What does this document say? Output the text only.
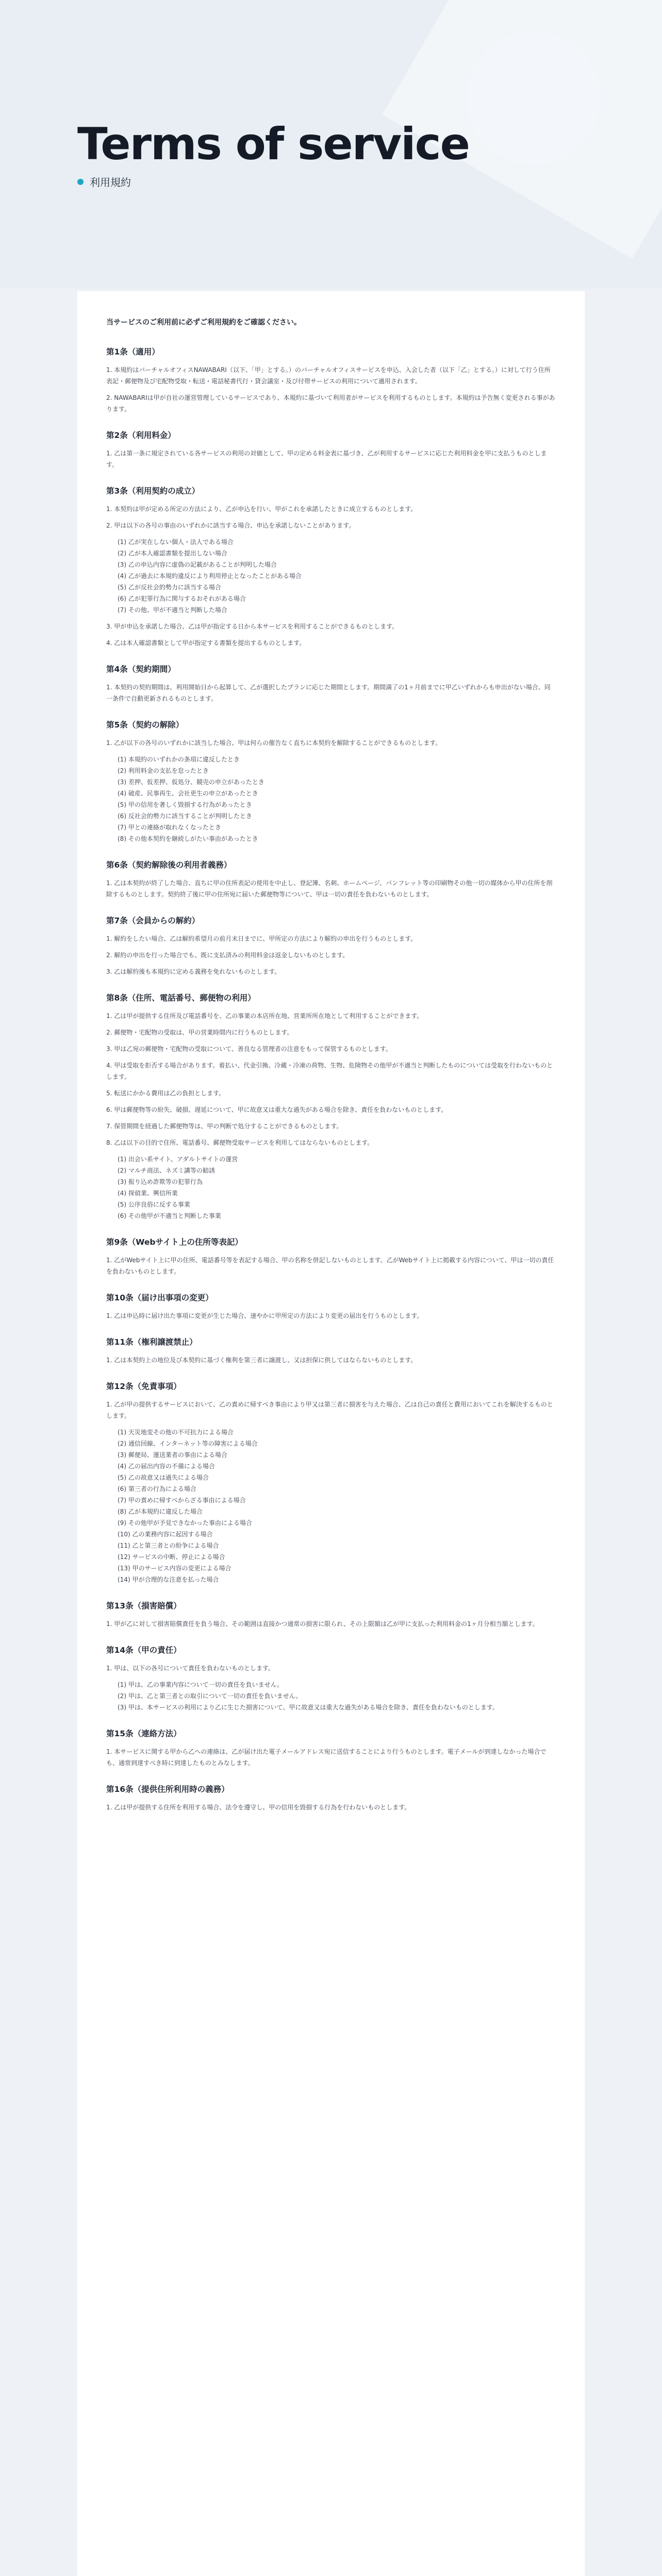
Terms of service
利用規約

当サービスのご利用前に必ずご利用規約をご確認ください。

第1条（適用）

1. 本規約はバーチャルオフィスNAWABARI（以下、「甲」とする。）のバーチャルオフィスサービスを申込、入会した者（以下「乙」とする。）に対して行う住所表記・郵便物及び宅配物受取・転送・電話秘書代行・貸会議室・及び付帯サービスの利用について適用されます。

2. NAWABARIは甲が自社の運営管理しているサービスであり、本規約に基づいて利用者がサービスを利用するものとします。本規約は予告無く変更される事があります。

第2条（利用料金）

1. 乙は第一条に規定されている各サービスの利用の対価として、甲の定める料金表に基づき、乙が利用するサービスに応じた利用料金を甲に支払うものとします。

第3条（利用契約の成立）

1. 本契約は甲が定める所定の方法により、乙が申込を行い、甲がこれを承諾したときに成立するものとします。

2. 甲は以下の各号の事由のいずれかに該当する場合、申込を承諾しないことがあります。

(1) 乙が実在しない個人・法人である場合
(2) 乙が本人確認書類を提出しない場合
(3) 乙の申込内容に虚偽の記載があることが判明した場合
(4) 乙が過去に本規約違反により利用停止となったことがある場合
(5) 乙が反社会的勢力に該当する場合
(6) 乙が犯罪行為に関与するおそれがある場合
(7) その他、甲が不適当と判断した場合

3. 甲が申込を承諾した場合、乙は甲が指定する日から本サービスを利用することができるものとします。

4. 乙は本人確認書類として甲が指定する書類を提出するものとします。

第4条（契約期間）

1. 本契約の契約期間は、利用開始日から起算して、乙が選択したプランに応じた期間とします。期間満了の1ヶ月前までに甲乙いずれからも申出がない場合、同一条件で自動更新されるものとします。

第5条（契約の解除）

1. 乙が以下の各号のいずれかに該当した場合、甲は何らの催告なく直ちに本契約を解除することができるものとします。

(1) 本規約のいずれかの条項に違反したとき
(2) 利用料金の支払を怠ったとき
(3) 差押、仮差押、仮処分、競売の申立があったとき
(4) 破産、民事再生、会社更生の申立があったとき
(5) 甲の信用を著しく毀損する行為があったとき
(6) 反社会的勢力に該当することが判明したとき
(7) 甲との連絡が取れなくなったとき
(8) その他本契約を継続しがたい事由があったとき
第6条（契約解除後の利用者義務）

1. 乙は本契約が終了した場合、直ちに甲の住所表記の使用を中止し、登記簿、名刺、ホームページ、パンフレット等の印刷物その他一切の媒体から甲の住所を削除するものとします。契約終了後に甲の住所宛に届いた郵便物等について、甲は一切の責任を負わないものとします。

第7条（会員からの解約）

1. 解約をしたい場合、乙は解約希望月の前月末日までに、甲所定の方法により解約の申出を行うものとします。

2. 解約の申出を行った場合でも、既に支払済みの利用料金は返金しないものとします。

3. 乙は解約後も本規約に定める義務を免れないものとします。

第8条（住所、電話番号、郵便物の利用）

1. 乙は甲が提供する住所及び電話番号を、乙の事業の本店所在地、営業所所在地として利用することができます。

2. 郵便物・宅配物の受取は、甲の営業時間内に行うものとします。

3. 甲は乙宛の郵便物・宅配物の受取について、善良なる管理者の注意をもって保管するものとします。

4. 甲は受取を拒否する場合があります。着払い、代金引換、冷蔵・冷凍の荷物、生物、危険物その他甲が不適当と判断したものについては受取を行わないものとします。

5. 転送にかかる費用は乙の負担とします。

6. 甲は郵便物等の紛失、破損、遅延について、甲に故意又は重大な過失がある場合を除き、責任を負わないものとします。

7. 保管期間を経過した郵便物等は、甲の判断で処分することができるものとします。

8. 乙は以下の目的で住所、電話番号、郵便物受取サービスを利用してはならないものとします。

(1) 出会い系サイト、アダルトサイトの運営
(2) マルチ商法、ネズミ講等の勧誘
(3) 振り込め詐欺等の犯罪行為
(4) 探偵業、興信所業
(5) 公序良俗に反する事業
(6) その他甲が不適当と判断した事業
第9条（Webサイト上の住所等表記）

1. 乙がWebサイト上に甲の住所、電話番号等を表記する場合、甲の名称を併記しないものとします。乙がWebサイト上に掲載する内容について、甲は一切の責任を負わないものとします。

第10条（届け出事項の変更）

1. 乙は申込時に届け出た事項に変更が生じた場合、速やかに甲所定の方法により変更の届出を行うものとします。

第11条（権利譲渡禁止）

1. 乙は本契約上の地位及び本契約に基づく権利を第三者に譲渡し、又は担保に供してはならないものとします。

第12条（免責事項）

1. 乙が甲の提供するサービスにおいて、乙の責めに帰すべき事由により甲又は第三者に損害を与えた場合、乙は自己の責任と費用においてこれを解決するものとします。

(1) 天災地変その他の不可抗力による場合
(2) 通信回線、インターネット等の障害による場合
(3) 郵便局、運送業者の事由による場合
(4) 乙の届出内容の不備による場合
(5) 乙の故意又は過失による場合
(6) 第三者の行為による場合
(7) 甲の責めに帰すべからざる事由による場合
(8) 乙が本規約に違反した場合
(9) その他甲が予見できなかった事由による場合
(10) 乙の業務内容に起因する場合
(11) 乙と第三者との紛争による場合
(12) サービスの中断、停止による場合
(13) 甲のサービス内容の変更による場合
(14) 甲が合理的な注意を払った場合
第13条（損害賠償）

1. 甲が乙に対して損害賠償責任を負う場合、その範囲は直接かつ通常の損害に限られ、その上限額は乙が甲に支払った利用料金の1ヶ月分相当額とします。

第14条（甲の責任）

1. 甲は、以下の各号について責任を負わないものとします。

(1) 甲は、乙の事業内容について一切の責任を負いません。
(2) 甲は、乙と第三者との取引について一切の責任を負いません。
(3) 甲は、本サービスの利用により乙に生じた損害について、甲に故意又は重大な過失がある場合を除き、責任を負わないものとします。
第15条（連絡方法）

1. 本サービスに関する甲から乙への連絡は、乙が届け出た電子メールアドレス宛に送信することにより行うものとします。電子メールが到達しなかった場合でも、通常到達すべき時に到達したものとみなします。

第16条（提供住所利用時の義務）

1. 乙は甲が提供する住所を利用する場合、法令を遵守し、甲の信用を毀損する行為を行わないものとします。
